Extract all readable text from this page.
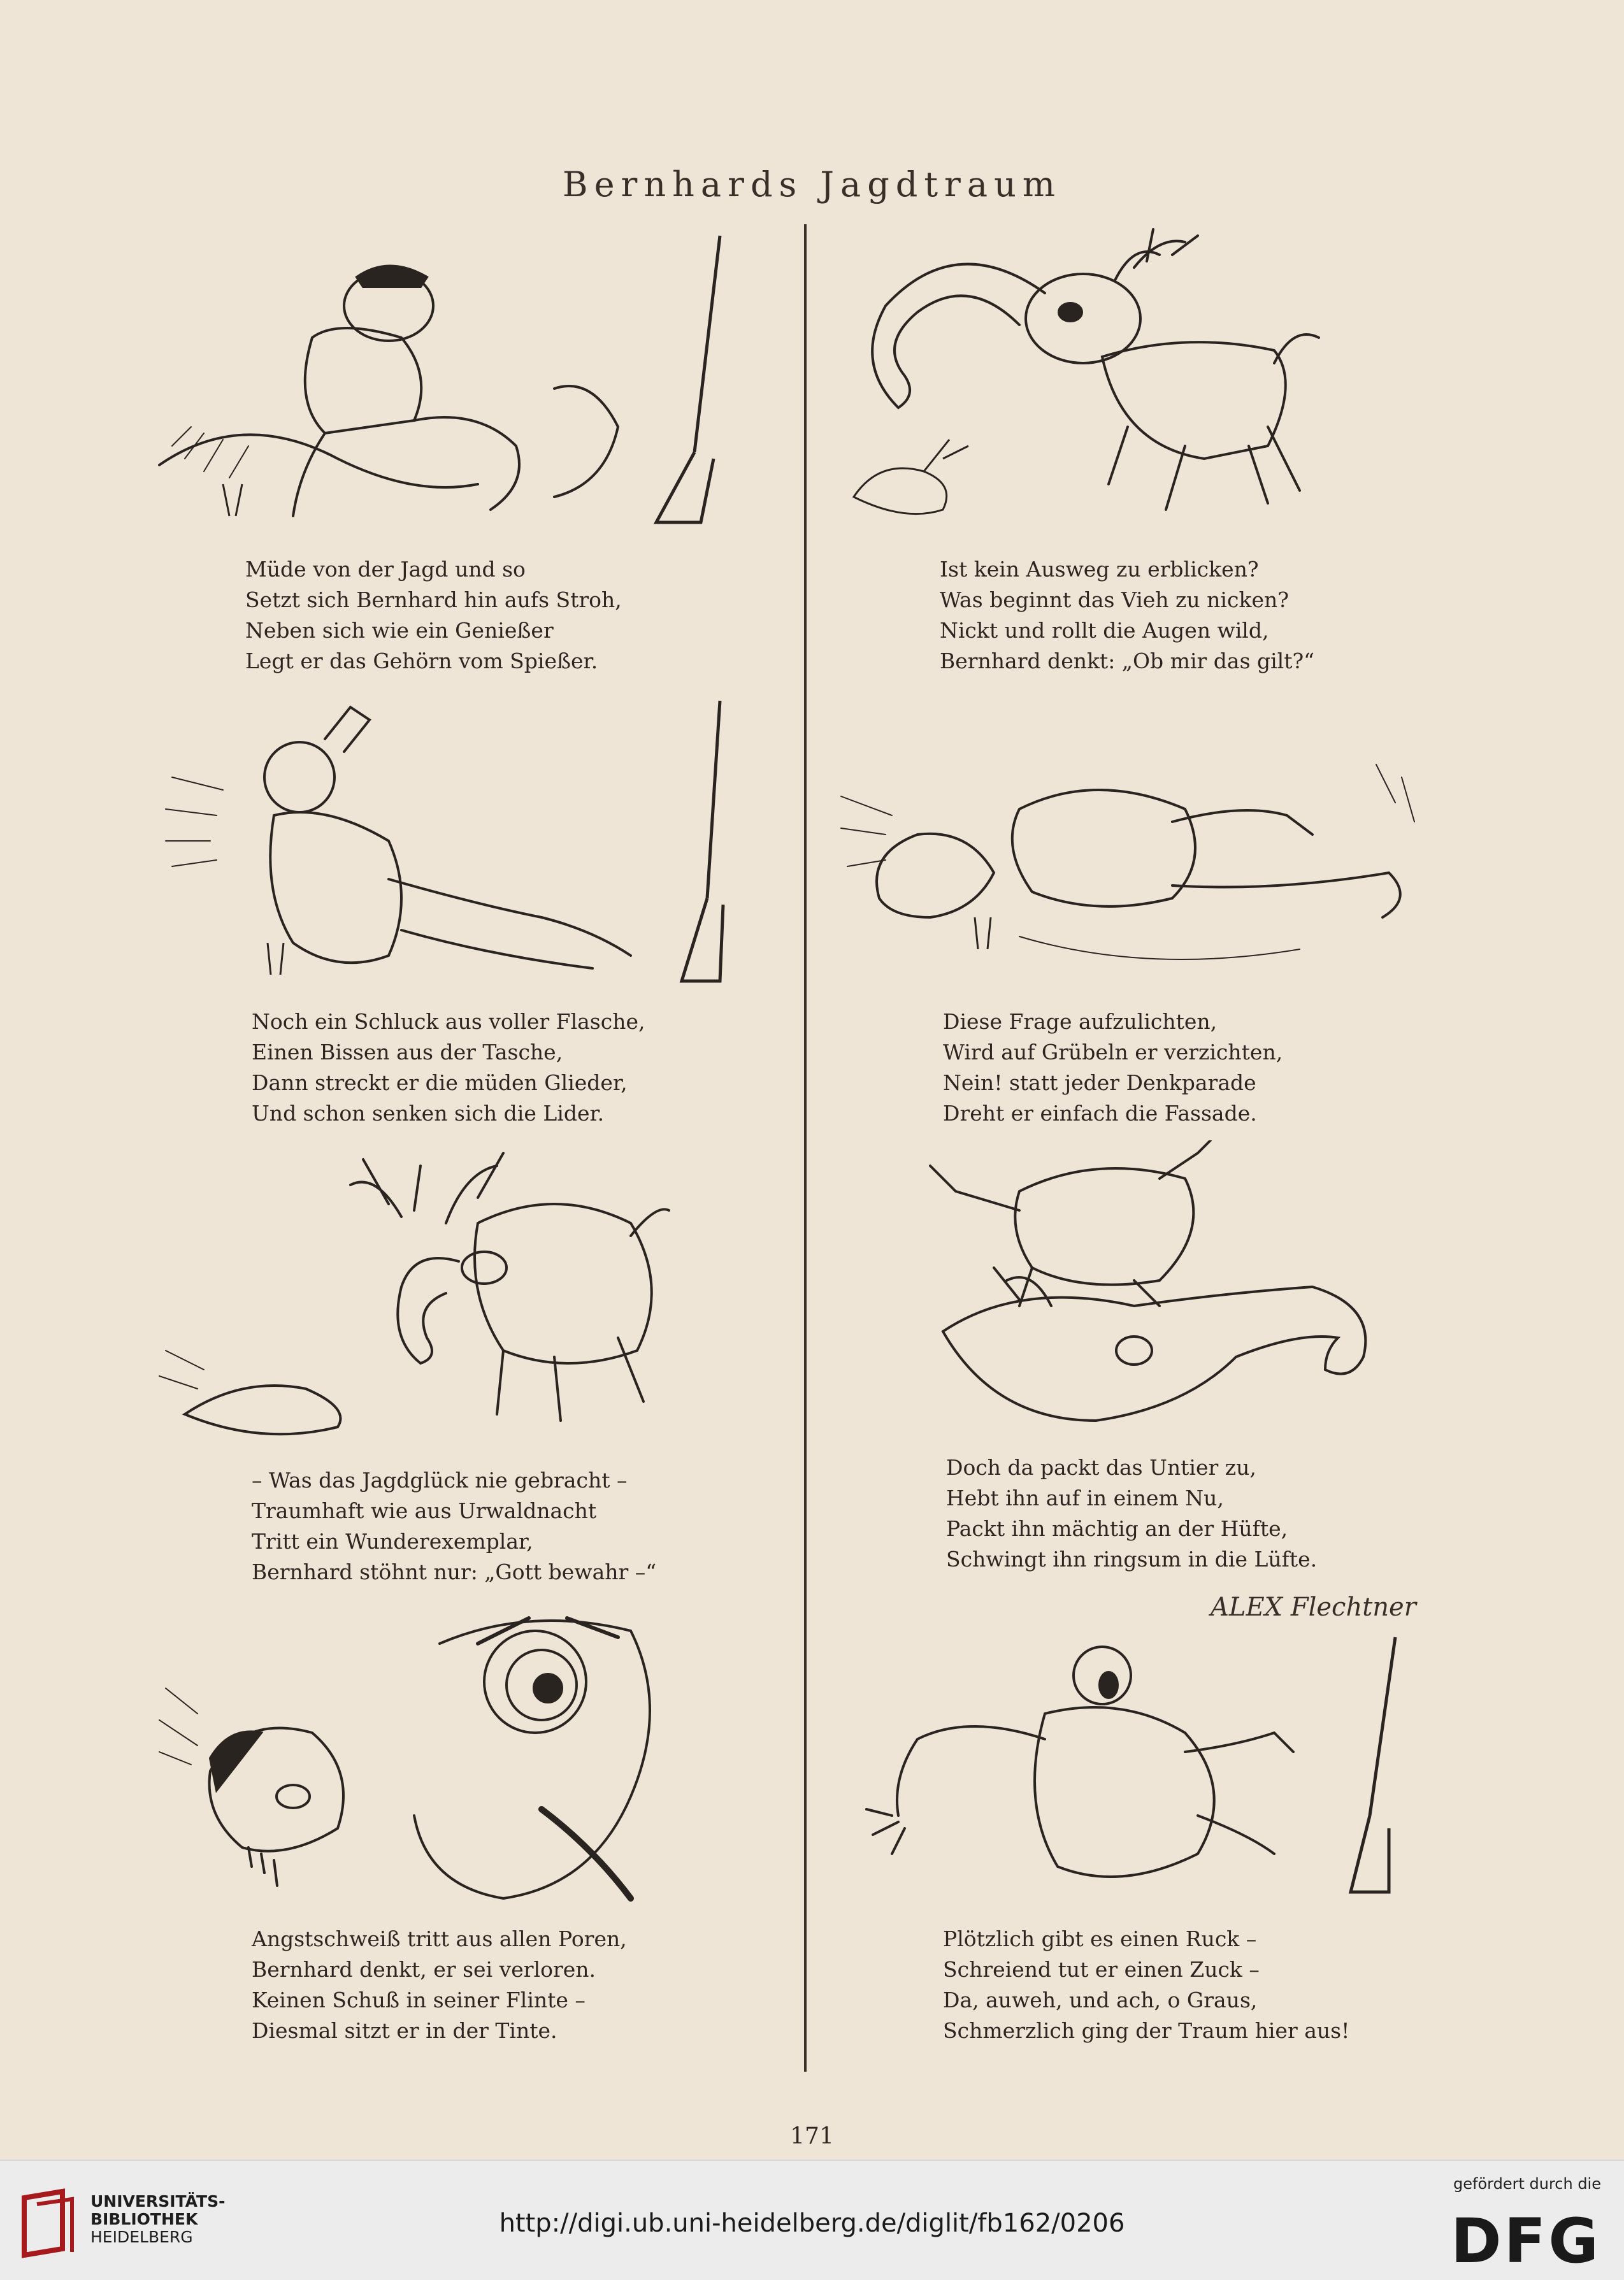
Bernhards Jagdtraum
Müde von der Jagd und so
Setzt sich Bernhard hin aufs Stroh,
Neben sich wie ein Genießer
Legt er das Gehörn vom Spießer.
Ist kein Ausweg zu erblicken?
Was beginnt das Vieh zu nicken?
Nickt und rollt die Augen wild,
Bernhard denkt: „Ob mir das gilt?“
Noch ein Schluck aus voller Flasche,
Einen Bissen aus der Tasche,
Dann streckt er die müden Glieder,
Und schon senken sich die Lider.
Diese Frage aufzulichten,
Wird auf Grübeln er verzichten,
Nein! statt jeder Denkparade
Dreht er einfach die Fassade.
– Was das Jagdglück nie gebracht –
Traumhaft wie aus Urwaldnacht
Tritt ein Wunderexemplar,
Bernhard stöhnt nur: „Gott bewahr –“
Doch da packt das Untier zu,
Hebt ihn auf in einem Nu,
Packt ihn mächtig an der Hüfte,
Schwingt ihn ringsum in die Lüfte.
ALEX Flechtner
Angstschweiß tritt aus allen Poren,
Bernhard denkt, er sei verloren.
Keinen Schuß in seiner Flinte –
Diesmal sitzt er in der Tinte.
Plötzlich gibt es einen Ruck –
Schreiend tut er einen Zuck –
Da, auweh, und ach, o Graus,
Schmerzlich ging der Traum hier aus!
171
UNIVERSITÄTS-
BIBLIOTHEK
HEIDELBERG	http://digi.ub.uni-heidelberg.de/diglit/fb162/0206
gefördert durch die
DFG
